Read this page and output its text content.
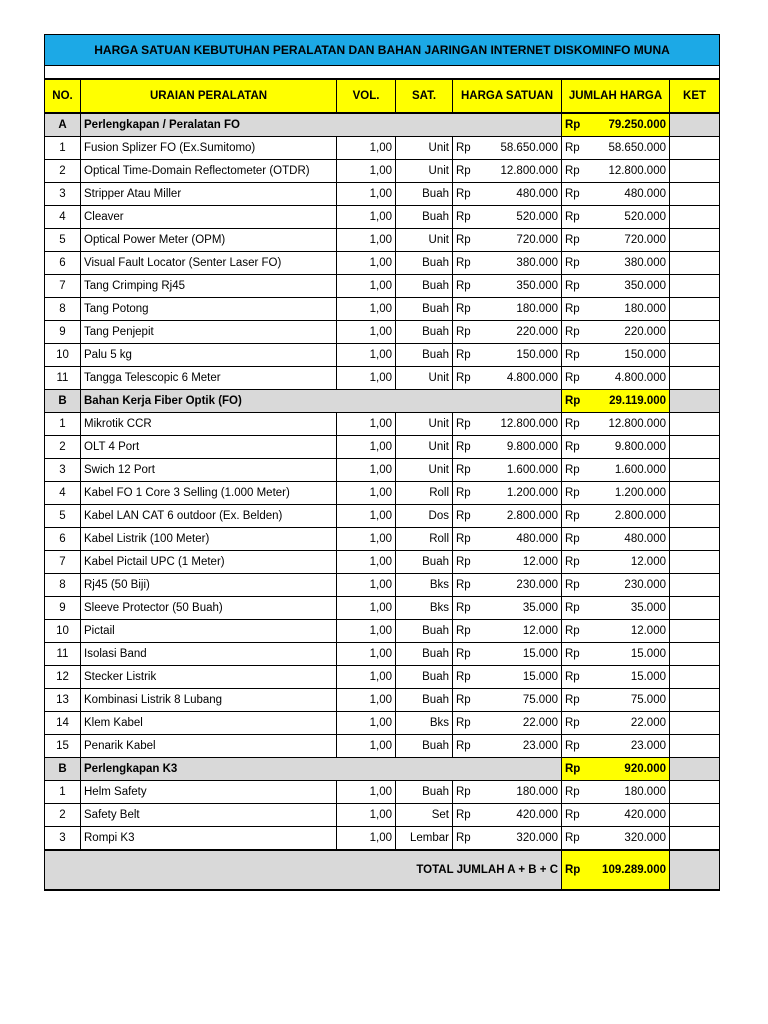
HARGA SATUAN KEBUTUHAN PERALATAN DAN BAHAN JARINGAN INTERNET DISKOMINFO MUNA								

NO.	URAIAN PERALATAN	VOL.	SAT.	HARGA SATUAN		JUMLAH HARGA		KET
A	Perlengkapan / Peralatan FO					Rp	79.250.000	
1	Fusion Splizer FO (Ex.Sumitomo)	1,00	Unit	Rp	58.650.000	Rp	58.650.000	
2	Optical Time-Domain Reflectometer (OTDR)	1,00	Unit	Rp	12.800.000	Rp	12.800.000	
3	Stripper Atau Miller	1,00	Buah	Rp	480.000	Rp	480.000	
4	Cleaver	1,00	Buah	Rp	520.000	Rp	520.000	
5	Optical Power Meter (OPM)	1,00	Unit	Rp	720.000	Rp	720.000	
6	Visual Fault Locator (Senter Laser FO)	1,00	Buah	Rp	380.000	Rp	380.000	
7	Tang Crimping Rj45	1,00	Buah	Rp	350.000	Rp	350.000	
8	Tang Potong	1,00	Buah	Rp	180.000	Rp	180.000	
9	Tang Penjepit	1,00	Buah	Rp	220.000	Rp	220.000	
10	Palu 5 kg	1,00	Buah	Rp	150.000	Rp	150.000	
11	Tangga Telescopic 6 Meter	1,00	Unit	Rp	4.800.000	Rp	4.800.000	
B	Bahan Kerja Fiber Optik (FO)					Rp	29.119.000	
1	Mikrotik CCR	1,00	Unit	Rp	12.800.000	Rp	12.800.000	
2	OLT 4 Port	1,00	Unit	Rp	9.800.000	Rp	9.800.000	
3	Swich 12 Port	1,00	Unit	Rp	1.600.000	Rp	1.600.000	
4	Kabel FO 1 Core 3 Selling (1.000 Meter)	1,00	Roll	Rp	1.200.000	Rp	1.200.000	
5	Kabel LAN CAT 6 outdoor (Ex. Belden)	1,00	Dos	Rp	2.800.000	Rp	2.800.000	
6	Kabel Listrik (100 Meter)	1,00	Roll	Rp	480.000	Rp	480.000	
7	Kabel Pictail UPC (1 Meter)	1,00	Buah	Rp	12.000	Rp	12.000	
8	Rj45 (50 Biji)	1,00	Bks	Rp	230.000	Rp	230.000	
9	Sleeve Protector (50 Buah)	1,00	Bks	Rp	35.000	Rp	35.000	
10	Pictail	1,00	Buah	Rp	12.000	Rp	12.000	
11	Isolasi Band	1,00	Buah	Rp	15.000	Rp	15.000	
12	Stecker Listrik	1,00	Buah	Rp	15.000	Rp	15.000	
13	Kombinasi Listrik 8 Lubang	1,00	Buah	Rp	75.000	Rp	75.000	
14	Klem Kabel	1,00	Bks	Rp	22.000	Rp	22.000	
15	Penarik Kabel	1,00	Buah	Rp	23.000	Rp	23.000	
B	Perlengkapan K3					Rp	920.000	
1	Helm Safety	1,00	Buah	Rp	180.000	Rp	180.000	
2	Safety Belt	1,00	Set	Rp	420.000	Rp	420.000	
3	Rompi K3	1,00	Lembar	Rp	320.000	Rp	320.000	
TOTAL JUMLAH A + B + C						Rp	109.289.000	
